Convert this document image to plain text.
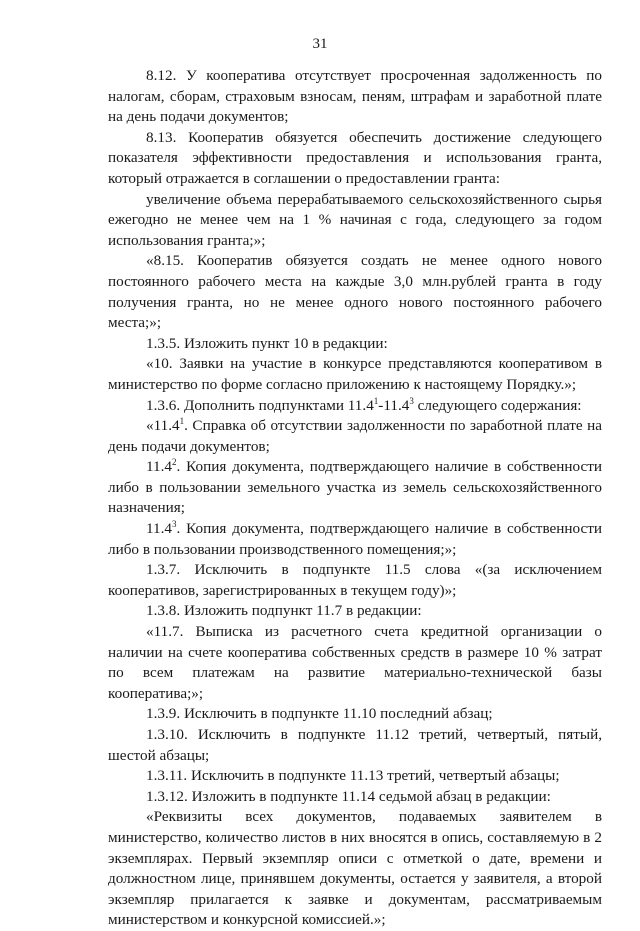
31

8.12. У кооператива отсутствует просроченная задолженность по налогам, сборам, страховым взносам, пеням, штрафам и заработной плате на день подачи документов;

8.13. Кооператив обязуется обеспечить достижение следующего показателя эффективности предоставления и использования гранта, который отражается в соглашении о предоставлении гранта:

увеличение объема перерабатываемого сельскохозяйственного сырья ежегодно не менее чем на 1 % начиная с года, следующего за годом использования гранта;»;

«8.15. Кооператив обязуется создать не менее одного нового постоянного рабочего места на каждые 3,0 млн.рублей гранта в году получения гранта, но не менее одного нового постоянного рабочего места;»;

1.3.5. Изложить пункт 10 в редакции:

«10. Заявки на участие в конкурсе представляются кооперативом в министерство по форме согласно приложению к настоящему Порядку.»;

1.3.6. Дополнить подпунктами 11.4$^1$-11.4$^3$ следующего содержания:

«11.4$^1$. Справка об отсутствии задолженности по заработной плате на день подачи документов;

11.4$^2$. Копия документа, подтверждающего наличие в собственности либо в пользовании земельного участка из земель сельскохозяйственного назначения;

11.4$^3$. Копия документа, подтверждающего наличие в собственности либо в пользовании производственного помещения;»;

1.3.7. Исключить в подпункте 11.5 слова «(за исключением кооперативов, зарегистрированных в текущем году)»;

1.3.8. Изложить подпункт 11.7 в редакции:

«11.7. Выписка из расчетного счета кредитной организации о наличии на счете кооператива собственных средств в размере 10 % затрат по всем платежам на развитие материально-технической базы кооператива;»;

1.3.9. Исключить в подпункте 11.10 последний абзац;

1.3.10. Исключить в подпункте 11.12 третий, четвертый, пятый, шестой абзацы;

1.3.11. Исключить в подпункте 11.13 третий, четвертый абзацы;

1.3.12. Изложить в подпункте 11.14 седьмой абзац в редакции:

«Реквизиты всех документов, подаваемых заявителем в министерство, количество листов в них вносятся в опись, составляемую в 2 экземплярах. Первый экземпляр описи с отметкой о дате, времени и должностном лице, принявшем документы, остается у заявителя, а второй экземпляр прилагается к заявке и документам, рассматриваемым министерством и конкурсной комиссией.»;
